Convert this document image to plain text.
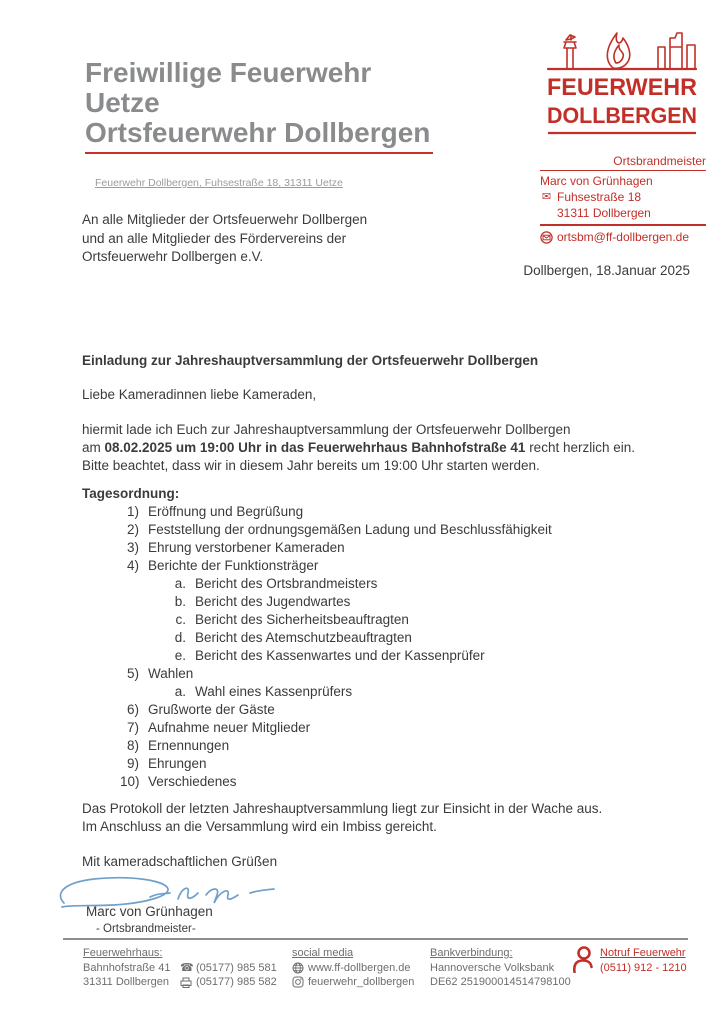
Freiwillige Feuerwehr Uetze
Ortsfeuerwehr Dollbergen
FEUERWEHR
DOLLBERGEN
Feuerwehr Dollbergen, Fuhsestraße 18, 31311 Uetze
Ortsbrandmeister
Marc von Grünhagen
✉ Fuhsestraße 18
31311 Dollbergen
ortsbm@ff-dollbergen.de
An alle Mitglieder der Ortsfeuerwehr Dollbergen
und an alle Mitglieder des Fördervereins der
Ortsfeuerwehr Dollbergen e.V.
Dollbergen, 18.Januar 2025
Einladung zur Jahreshauptversammlung der Ortsfeuerwehr Dollbergen
Liebe Kameradinnen liebe Kameraden,
hiermit lade ich Euch zur Jahreshauptversammlung der Ortsfeuerwehr Dollbergen
am 08.02.2025 um 19:00 Uhr in das Feuerwehrhaus Bahnhofstraße 41 recht herzlich ein.
Bitte beachtet, dass wir in diesem Jahr bereits um 19:00 Uhr starten werden.
Tagesordnung:
1) Eröffnung und Begrüßung
2) Feststellung der ordnungsgemäßen Ladung und Beschlussfähigkeit
3) Ehrung verstorbener Kameraden
4) Berichte der Funktionsträger
a. Bericht des Ortsbrandmeisters
b. Bericht des Jugendwartes
c. Bericht des Sicherheitsbeauftragten
d. Bericht des Atemschutzbeauftragten
e. Bericht des Kassenwartes und der Kassenprüfer
5) Wahlen
a. Wahl eines Kassenprüfers
6) Grußworte der Gäste
7) Aufnahme neuer Mitglieder
8) Ernennungen
9) Ehrungen
10) Verschiedenes
Das Protokoll der letzten Jahreshauptversammlung liegt zur Einsicht in der Wache aus.
Im Anschluss an die Versammlung wird ein Imbiss gereicht.
Mit kameradschaftlichen Grüßen
Marc von Grünhagen
- Ortsbrandmeister-
Feuerwehrhaus:
Bahnhofstraße 41
31311 Dollbergen
☎ (05177) 985 581
(05177) 985 582
social media
www.ff-dollbergen.de
feuerwehr_dollbergen
Bankverbindung:
Hannoversche Volksbank
DE62 251900014514798100
Notruf Feuerwehr
(0511) 912 - 1210
